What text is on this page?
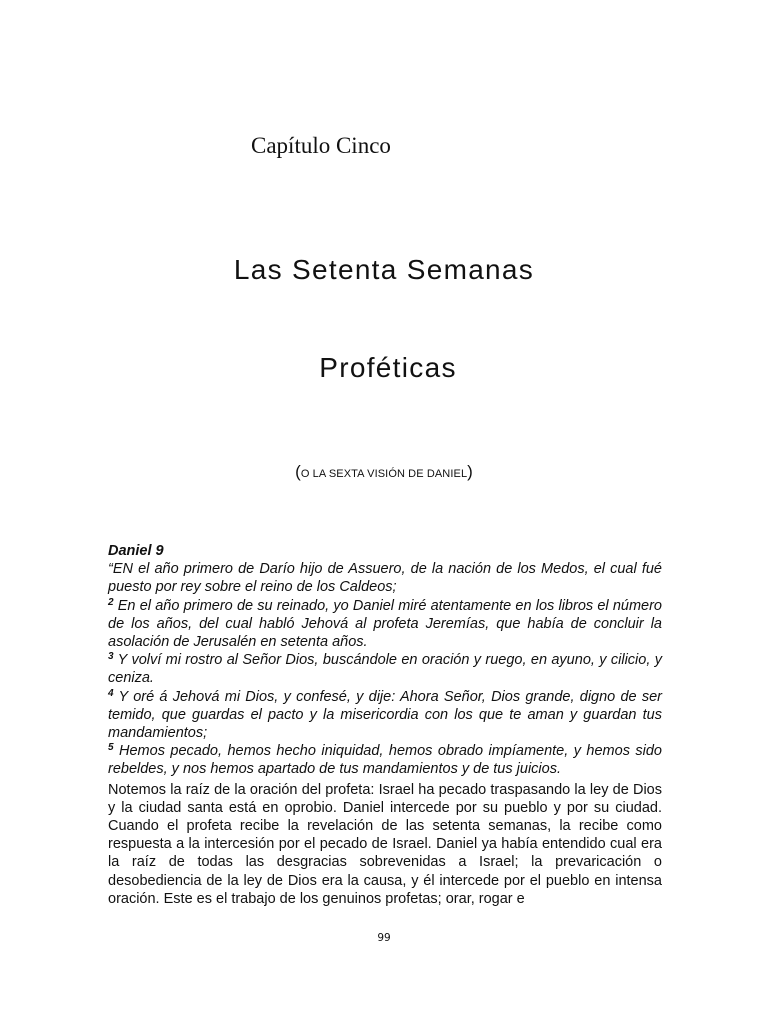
Capítulo Cinco
Las Setenta Semanas
Proféticas
(O LA SEXTA VISIÓN DE DANIEL)

Daniel 9

“EN el año primero de Darío hijo de Assuero, de la nación de los Medos, el cual fué puesto por rey sobre el reino de los Caldeos;

$^2$ En el año primero de su reinado, yo Daniel miré atentamente en los libros el número de los años, del cual habló Jehová al profeta Jeremías, que había de concluir la asolación de Jerusalén en setenta años.

$^3$ Y volví mi rostro al Señor Dios, buscándole en oración y ruego, en ayuno, y cilicio, y ceniza.

$^4$ Y oré á Jehová mi Dios, y confesé, y dije: Ahora Señor, Dios grande, digno de ser temido, que guardas el pacto y la misericordia con los que te aman y guardan tus mandamientos;

$^5$ Hemos pecado, hemos hecho iniquidad, hemos obrado impíamente, y hemos sido rebeldes, y nos hemos apartado de tus mandamientos y de tus juicios.

Notemos la raíz de la oración del profeta: Israel ha pecado traspasando la ley de Dios y la ciudad santa está en oprobio. Daniel intercede por su pueblo y por su ciudad. Cuando el profeta recibe la revelación de las setenta semanas, la recibe como respuesta a la intercesión por el pecado de Israel. Daniel ya había entendido cual era la raíz de todas las desgracias sobrevenidas a Israel; la prevaricación o desobediencia de la ley de Dios era la causa, y él intercede por el pueblo en intensa oración. Este es el trabajo de los genuinos profetas; orar, rogar e

99
